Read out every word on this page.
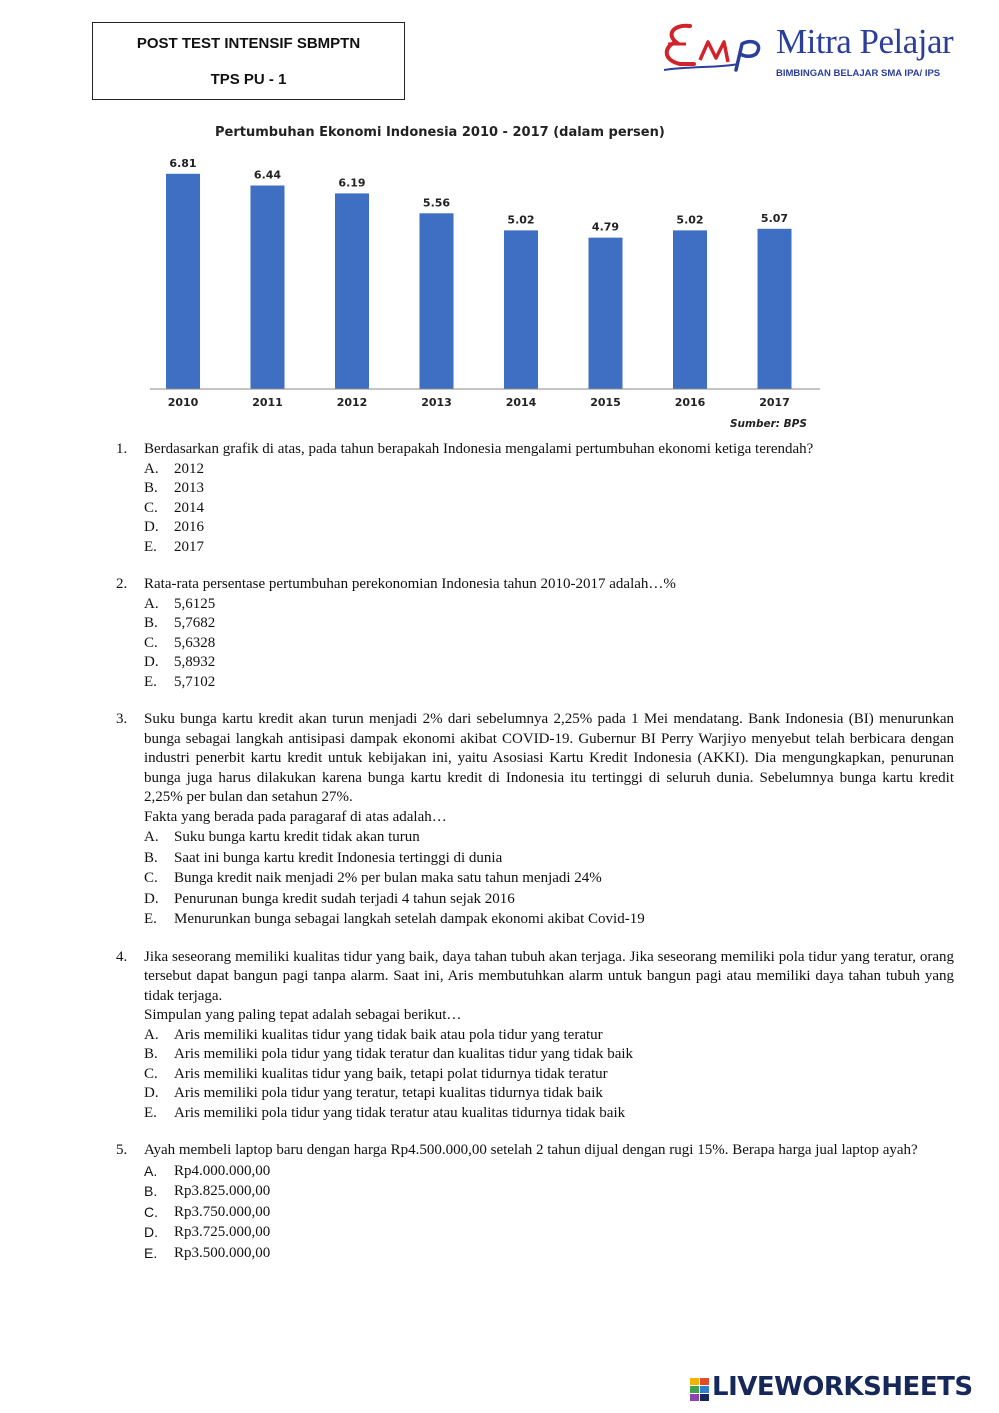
POST TEST INTENSIF SBMPTN
TPS PU - 1
Mitra Pelajar
BIMBINGAN BELAJAR SMA IPA/ IPS
Pertumbuhan Ekonomi Indonesia 2010 - 2017 (dalam persen)
6.81
2010
6.44
2011
6.19
2012
5.56
2013
5.02
2014
4.79
2015
5.02
2016
5.07
2017
Sumber: BPS
1. Berdasarkan grafik di atas, pada tahun berapakah Indonesia mengalami pertumbuhan ekonomi ketiga terendah?
A. 2012
B. 2013
C. 2014
D. 2016
E. 2017
2. Rata-rata persentase pertumbuhan perekonomian Indonesia tahun 2010-2017 adalah…%
A. 5,6125
B. 5,7682
C. 5,6328
D. 5,8932
E. 5,7102
3. Suku bunga kartu kredit akan turun menjadi 2% dari sebelumnya 2,25% pada 1 Mei mendatang. Bank Indonesia (BI) menurunkan bunga sebagai langkah antisipasi dampak ekonomi akibat COVID-19. Gubernur BI Perry Warjiyo menyebut telah berbicara dengan industri penerbit kartu kredit untuk kebijakan ini, yaitu Asosiasi Kartu Kredit Indonesia (AKKI). Dia mengungkapkan, penurunan bunga juga harus dilakukan karena bunga kartu kredit di Indonesia itu tertinggi di seluruh dunia. Sebelumnya bunga kartu kredit 2,25% per bulan dan setahun 27%.
Fakta yang berada pada paragaraf di atas adalah…
A. Suku bunga kartu kredit tidak akan turun
B. Saat ini bunga kartu kredit Indonesia tertinggi di dunia
C. Bunga kredit naik menjadi 2% per bulan maka satu tahun menjadi 24%
D. Penurunan bunga kredit sudah terjadi 4 tahun sejak 2016
E. Menurunkan bunga sebagai langkah setelah dampak ekonomi akibat Covid-19
4. Jika seseorang memiliki kualitas tidur yang baik, daya tahan tubuh akan terjaga. Jika seseorang memiliki pola tidur yang teratur, orang tersebut dapat bangun pagi tanpa alarm. Saat ini, Aris membutuhkan alarm untuk bangun pagi atau memiliki daya tahan tubuh yang tidak terjaga.
Simpulan yang paling tepat adalah sebagai berikut…
A. Aris memiliki kualitas tidur yang tidak baik atau pola tidur yang teratur
B. Aris memiliki pola tidur yang tidak teratur dan kualitas tidur yang tidak baik
C. Aris memiliki kualitas tidur yang baik, tetapi polat tidurnya tidak teratur
D. Aris memiliki pola tidur yang teratur, tetapi kualitas tidurnya tidak baik
E. Aris memiliki pola tidur yang tidak teratur atau kualitas tidurnya tidak baik
5. Ayah membeli laptop baru dengan harga Rp4.500.000,00 setelah 2 tahun dijual dengan rugi 15%. Berapa harga jual laptop ayah?
A. Rp4.000.000,00
B. Rp3.825.000,00
C. Rp3.750.000,00
D. Rp3.725.000,00
E. Rp3.500.000,00
LIVEWORKSHEETS
